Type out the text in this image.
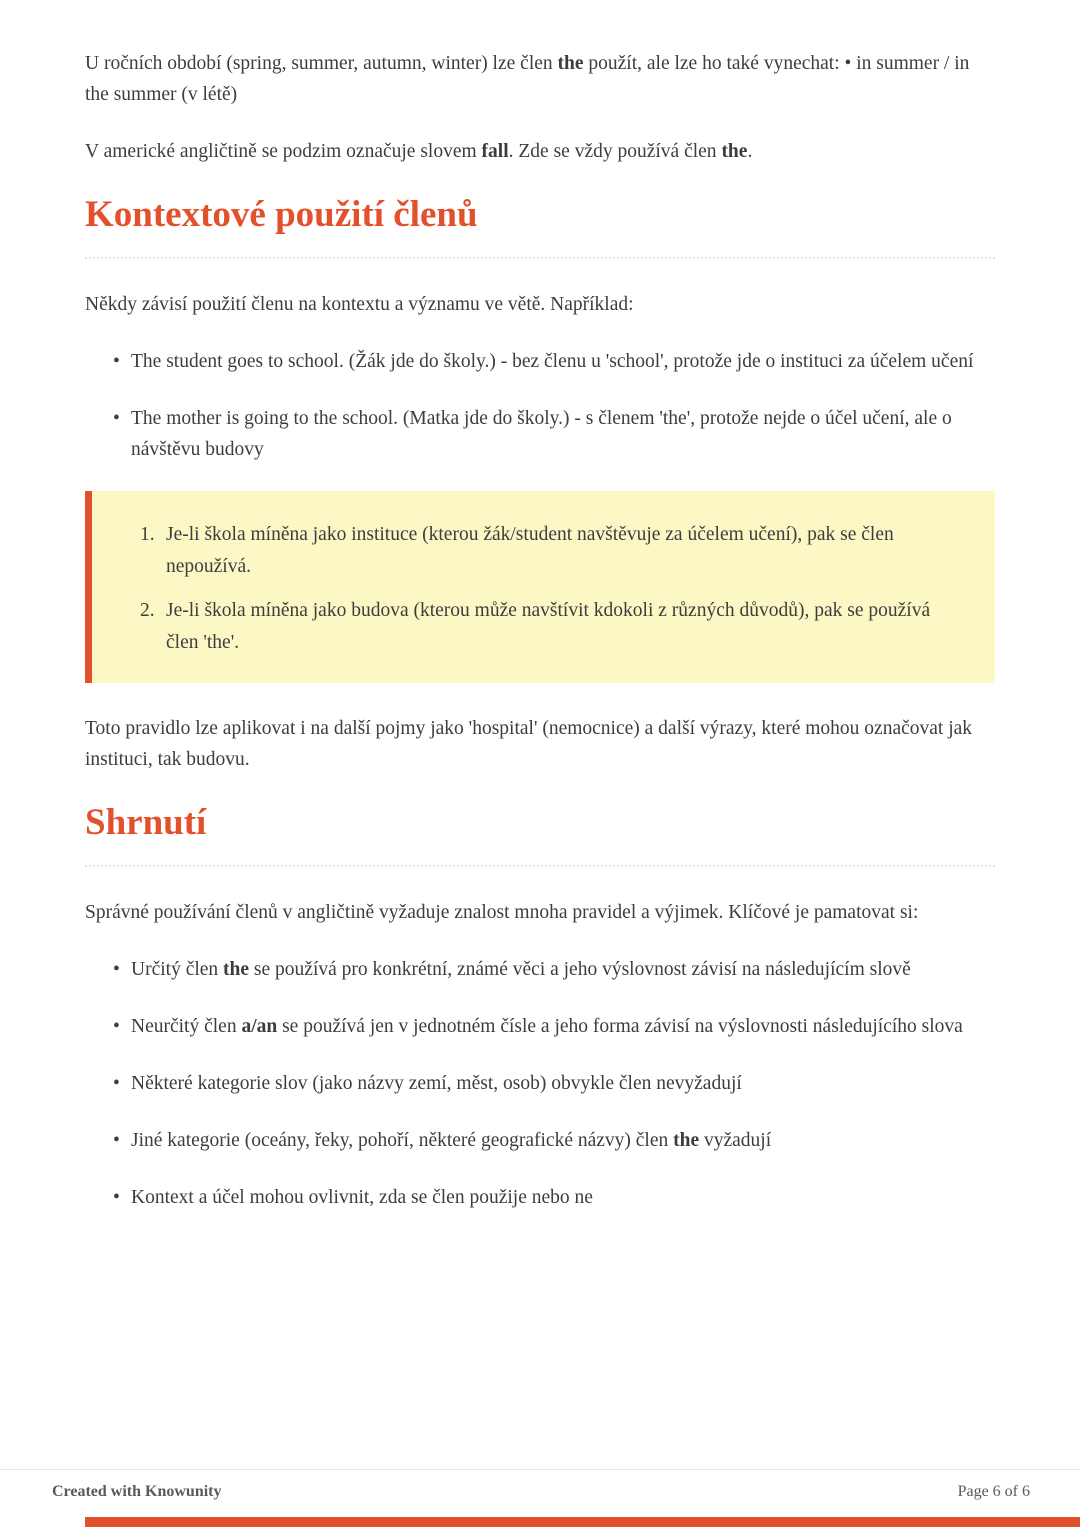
U ročních období (spring, summer, autumn, winter) lze člen the použít, ale lze ho také vynechat: • in summer / in the summer (v létě)

V americké angličtině se podzim označuje slovem fall. Zde se vždy používá člen the.

Kontextové použití členů

Někdy závisí použití členu na kontextu a významu ve větě. Například:

• The student goes to school. (Žák jde do školy.) - bez členu u 'school', protože jde o instituci za účelem učení
• The mother is going to the school. (Matka jde do školy.) - s členem 'the', protože nejde o účel učení, ale o návštěvu budovy
1. Je-li škola míněna jako instituce (kterou žák/student navštěvuje za účelem učení), pak se člen nepoužívá.
2. Je-li škola míněna jako budova (kterou může navštívit kdokoli z různých důvodů), pak se používá člen 'the'.

Toto pravidlo lze aplikovat i na další pojmy jako 'hospital' (nemocnice) a další výrazy, které mohou označovat jak instituci, tak budovu.

Shrnutí

Správné používání členů v angličtině vyžaduje znalost mnoha pravidel a výjimek. Klíčové je pamatovat si:

• Určitý člen the se používá pro konkrétní, známé věci a jeho výslovnost závisí na následujícím slově
• Neurčitý člen a/an se používá jen v jednotném čísle a jeho forma závisí na výslovnosti následujícího slova
• Některé kategorie slov (jako názvy zemí, měst, osob) obvykle člen nevyžadují
• Jiné kategorie (oceány, řeky, pohoří, některé geografické názvy) člen the vyžadují
• Kontext a účel mohou ovlivnit, zda se člen použije nebo ne
Created with Knowunity	Page 6 of 6
